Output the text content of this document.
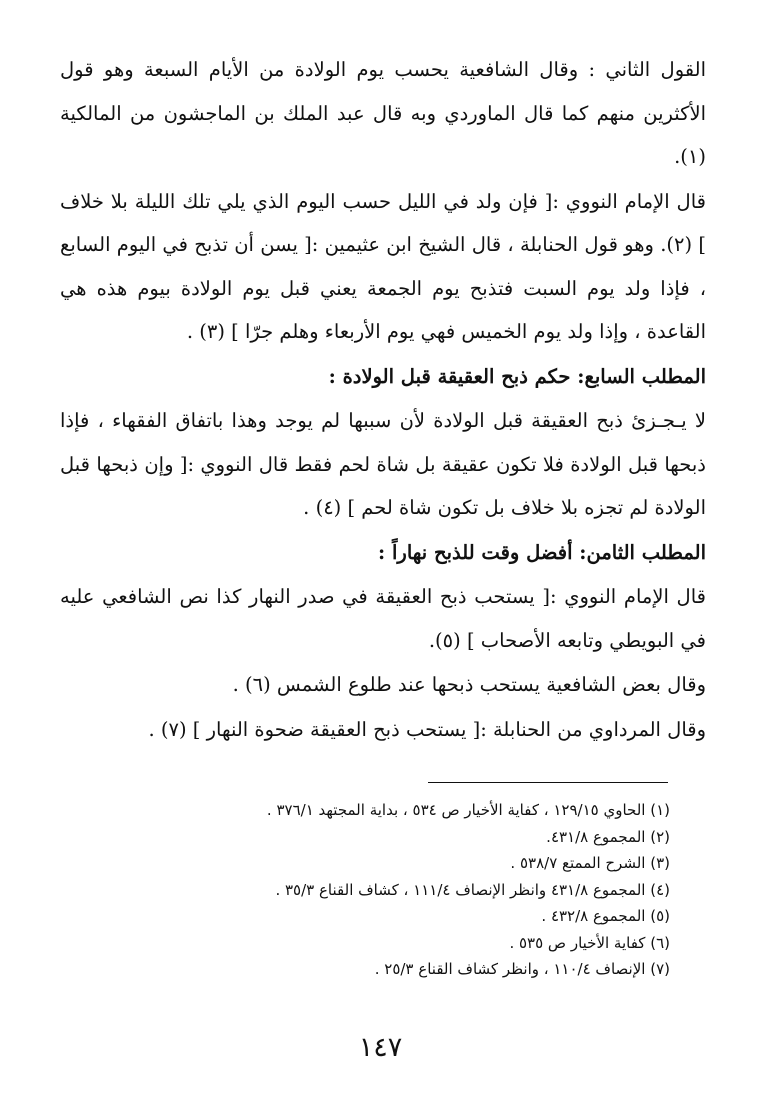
القول الثاني : وقال الشافعية يحسب يوم الولادة من الأيام السبعة وهو قول الأكثرين منهم كما قال الماوردي وبه قال عبد الملك بن الماجشون من المالكية (١).

قال الإمام النووي :[ فإن ولد في الليل حسب اليوم الذي يلي تلك الليلة بلا خلاف ] (٢). وهو قول الحنابلة ، قال الشيخ ابن عثيمين :[ يسن أن تذبح في اليوم السابع ، فإذا ولد يوم السبت فتذبح يوم الجمعة يعني قبل يوم الولادة بيوم هذه هي القاعدة ، وإذا ولد يوم الخميس فهي يوم الأربعاء وهلم جرّا ] (٣) .

المطلب السابع: حكم ذبح العقيقة قبل الولادة :

لا يـجـزئ ذبح العقيقة قبل الولادة لأن سببها لم يوجد وهذا باتفاق الفقهاء ، فإذا ذبحها قبل الولادة فلا تكون عقيقة بل شاة لحم فقط قال النووي :[ وإن ذبحها قبل الولادة لم تجزه بلا خلاف بل تكون شاة لحم ] (٤) .

المطلب الثامن: أفضل وقت للذبح نهاراً :

قال الإمام النووي :[ يستحب ذبح العقيقة في صدر النهار كذا نص الشافعي عليه في البويطي وتابعه الأصحاب ] (٥).

وقال بعض الشافعية يستحب ذبحها عند طلوع الشمس (٦) .

وقال المرداوي من الحنابلة :[ يستحب ذبح العقيقة ضحوة النهار ] (٧) .

(١) الحاوي ١٢٩/١٥ ، كفاية الأخيار ص ٥٣٤ ، بداية المجتهد ٣٧٦/١ .
(٢) المجموع ٤٣١/٨.
(٣) الشرح الممتع ٥٣٨/٧ .
(٤) المجموع ٤٣١/٨ وانظر الإنصاف ١١١/٤ ، كشاف القناع ٣٥/٣ .
(٥) المجموع ٤٣٢/٨ .
(٦) كفاية الأخيار ص ٥٣٥ .
(٧) الإنصاف ١١٠/٤ ، وانظر كشاف القناع ٢٥/٣ .
١٤٧
